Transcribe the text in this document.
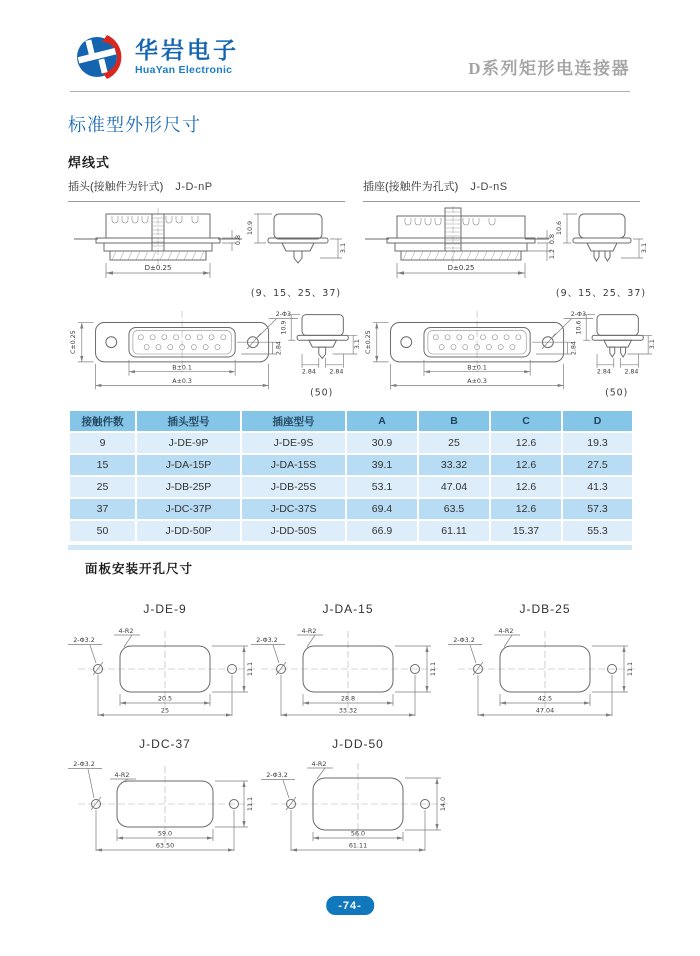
华岩电子
HuaYan Electronic	D系列矩形电连接器
标准型外形尺寸
焊线式
插头(接触件为针式) J-D-nP	插座(接触件为孔式) J-D-nS
D±0.25
0.8
10.9
3.1
(9、15、25、37)
D±0.25
0.8
1.2
10.6
3.1
(9、15、25、37)
2-Φ3
C±0.25
B±0.1
A±0.3
2.84
10.9
3.1
2.84 2.84
(50)
2-Φ3
C±0.25
B±0.1
A±0.3
2.84
10.6
3.1
2.84 2.84
(50)
接触件数	插头型号	插座型号	A	B	C	D
9	J-DE-9P	J-DE-9S	30.9	25	12.6	19.3
15	J-DA-15P	J-DA-15S	39.1	33.32	12.6	27.5
25	J-DB-25P	J-DB-25S	53.1	47.04	12.6	41.3
37	J-DC-37P	J-DC-37S	69.4	63.5	12.6	57.3
50	J-DD-50P	J-DD-50S	66.9	61.11	15.37	55.3
面板安装开孔尺寸
J-DE-9
4-R2
2-Φ3.2
20.5
25
11.1
J-DA-15
4-R2
2-Φ3.2
28.8
33.32
11.1
J-DB-25
4-R2
2-Φ3.2
42.5
47.04
11.1
J-DC-37
2-Φ3.2
4-R2
59.0
63.50
11.1
J-DD-50
4-R2
2-Φ3.2
56.0
61.11
14.0
-74-
